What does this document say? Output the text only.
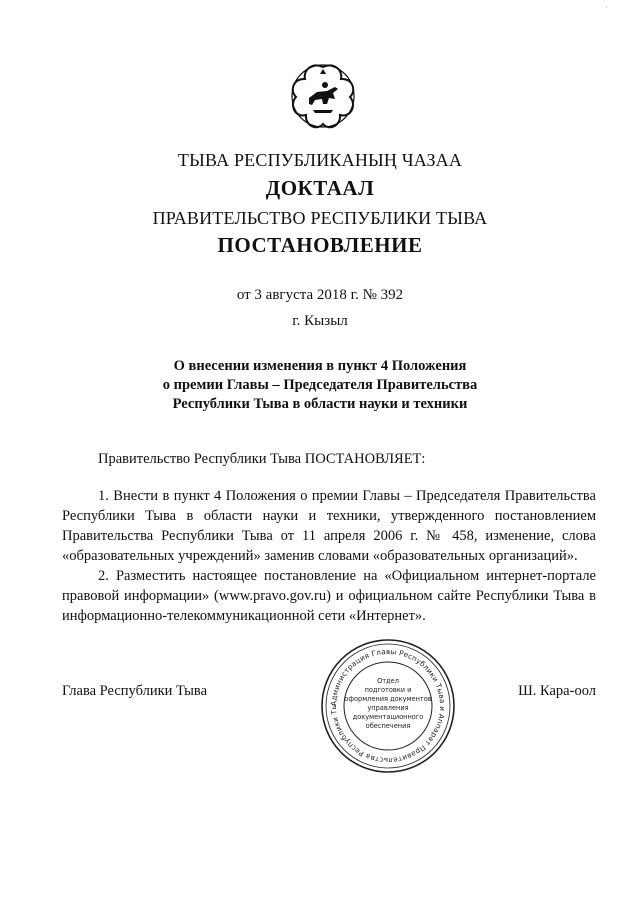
·
ТЫВА РЕСПУБЛИКАНЫҢ ЧАЗАА
ДОКТААЛ
ПРАВИТЕЛЬСТВО РЕСПУБЛИКИ ТЫВА
ПОСТАНОВЛЕНИЕ
от 3 августа 2018 г. № 392
г. Кызыл
О внесении изменения в пункт 4 Положения
о премии Главы – Председателя Правительства
Республики Тыва в области науки и техники

Правительство Республики Тыва ПОСТАНОВЛЯЕТ:

1. Внести в пункт 4 Положения о премии Главы – Председателя Правительства Республики Тыва в области науки и техники, утвержденного постановлением Правительства Республики Тыва от 11 апреля 2006 г. № 458, изменение, слова «образовательных учреждений» заменив словами «образовательных организаций».

2. Разместить настоящее постановление на «Официальном интернет-портале правовой информации» (www.pravo.gov.ru) и официальном сайте Республики Тыва в информационно-телекоммуникационной сети «Интернет».

Глава Республики Тыва	Ш. Кара-оол
Администрация Главы Республики Тыва и Аппарат Правительства Республики Ты
Отдел
подготовки и
оформления документов
управления
документационного
обеспечения
